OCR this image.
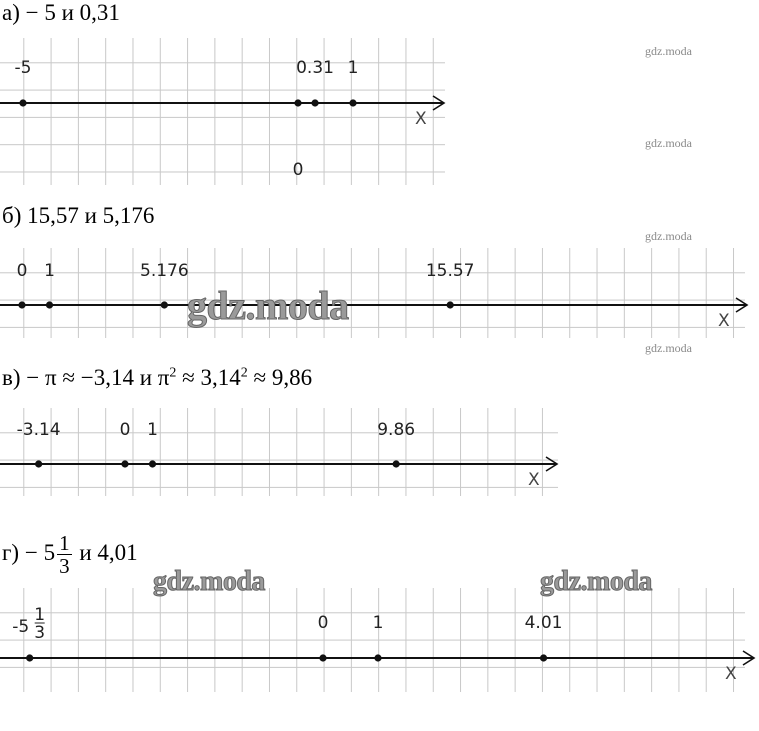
а) − 5 и 0,31
X
-5
0
0.31 1
б) 15,57 и 5,176
X
0 1	5.176	15.57
в) − π ≈ −3,14 и $\pi^2 \approx 3,14^2 \approx 9,86$
X
-3.14	0 1	9.86
$г) - 5 \frac{1}{3}$ и 4,01
X
-5
1
3	0	1	4.01
gdz.moda
gdz.moda
gdz.moda
gdz.moda
gdz.moda
gdz.moda	gdz.moda
